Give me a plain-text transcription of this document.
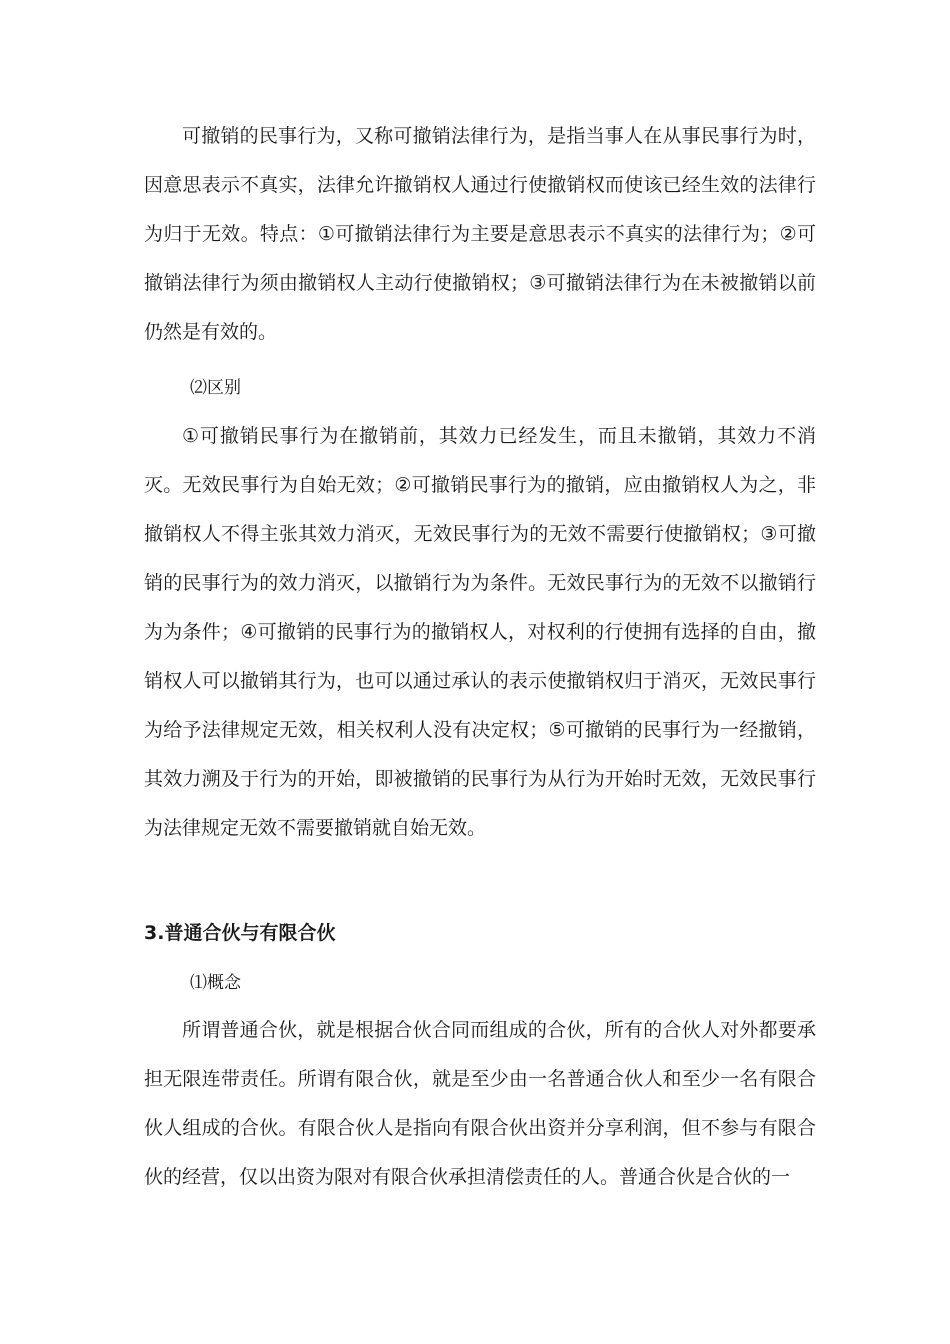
可撤销的民事行为，又称可撤销法律行为，是指当事人在从事民事行为时，因意思表示不真实，法律允许撤销权人通过行使撤销权而使该已经生效的法律行为归于无效。特点：①可撤销法律行为主要是意思表示不真实的法律行为；②可撤销法律行为须由撤销权人主动行使撤销权；③可撤销法律行为在未被撤销以前仍然是有效的。

⑵区别

①可撤销民事行为在撤销前，其效力已经发生，而且未撤销，其效力不消灭。无效民事行为自始无效；②可撤销民事行为的撤销，应由撤销权人为之，非撤销权人不得主张其效力消灭，无效民事行为的无效不需要行使撤销权；③可撤销的民事行为的效力消灭，以撤销行为为条件。无效民事行为的无效不以撤销行为为条件；④可撤销的民事行为的撤销权人，对权利的行使拥有选择的自由，撤销权人可以撤销其行为，也可以通过承认的表示使撤销权归于消灭，无效民事行为给予法律规定无效，相关权利人没有决定权；⑤可撤销的民事行为一经撤销，其效力溯及于行为的开始，即被撤销的民事行为从行为开始时无效，无效民事行为法律规定无效不需要撤销就自始无效。

3.普通合伙与有限合伙

⑴概念

所谓普通合伙，就是根据合伙合同而组成的合伙，所有的合伙人对外都要承担无限连带责任。所谓有限合伙，就是至少由一名普通合伙人和至少一名有限合伙人组成的合伙。有限合伙人是指向有限合伙出资并分享利润，但不参与有限合伙的经营，仅以出资为限对有限合伙承担清偿责任的人。普通合伙是合伙的一
